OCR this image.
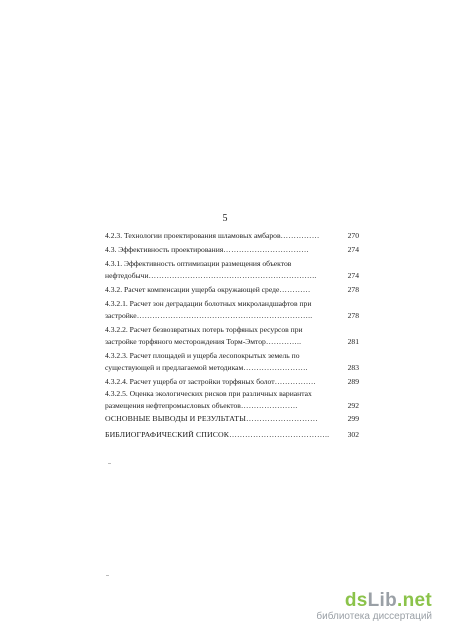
5
4.2.3. Технологии проектирования шламовых амбаров……………	270
4.3. Эффективность проектирования……………………………	274
4.3.1. Эффективность оптимизации размещения объектов
нефтедобычи………………………………………………………..	274
4.3.2. Расчет компенсации ущерба окружающей среде…………	278
4.3.2.1. Расчет зон деградации болотных микроландшафтов при
застройке…………………………………………………………..	278
4.3.2.2. Расчет безвозвратных потерь торфяных ресурсов при
застройке торфяного месторождения Торм-Эмтор…………..	281
4.3.2.3. Расчет площадей и ущерба лесопокрытых земель по
существующей и предлагаемой методикам…………………….	283
4.3.2.4. Расчет ущерба от застройки торфяных болот…………….	289
4.3.2.5. Оценка экологических рисков при различных вариантах
размещения нефтепромысловых объектов………………….	292
ОСНОВНЫЕ ВЫВОДЫ И РЕЗУЛЬТАТЫ………………………	299
БИБЛИОГРАФИЧЕСКИЙ СПИСОК………………………………..	302
dsLib.net
библиотека диссертаций
